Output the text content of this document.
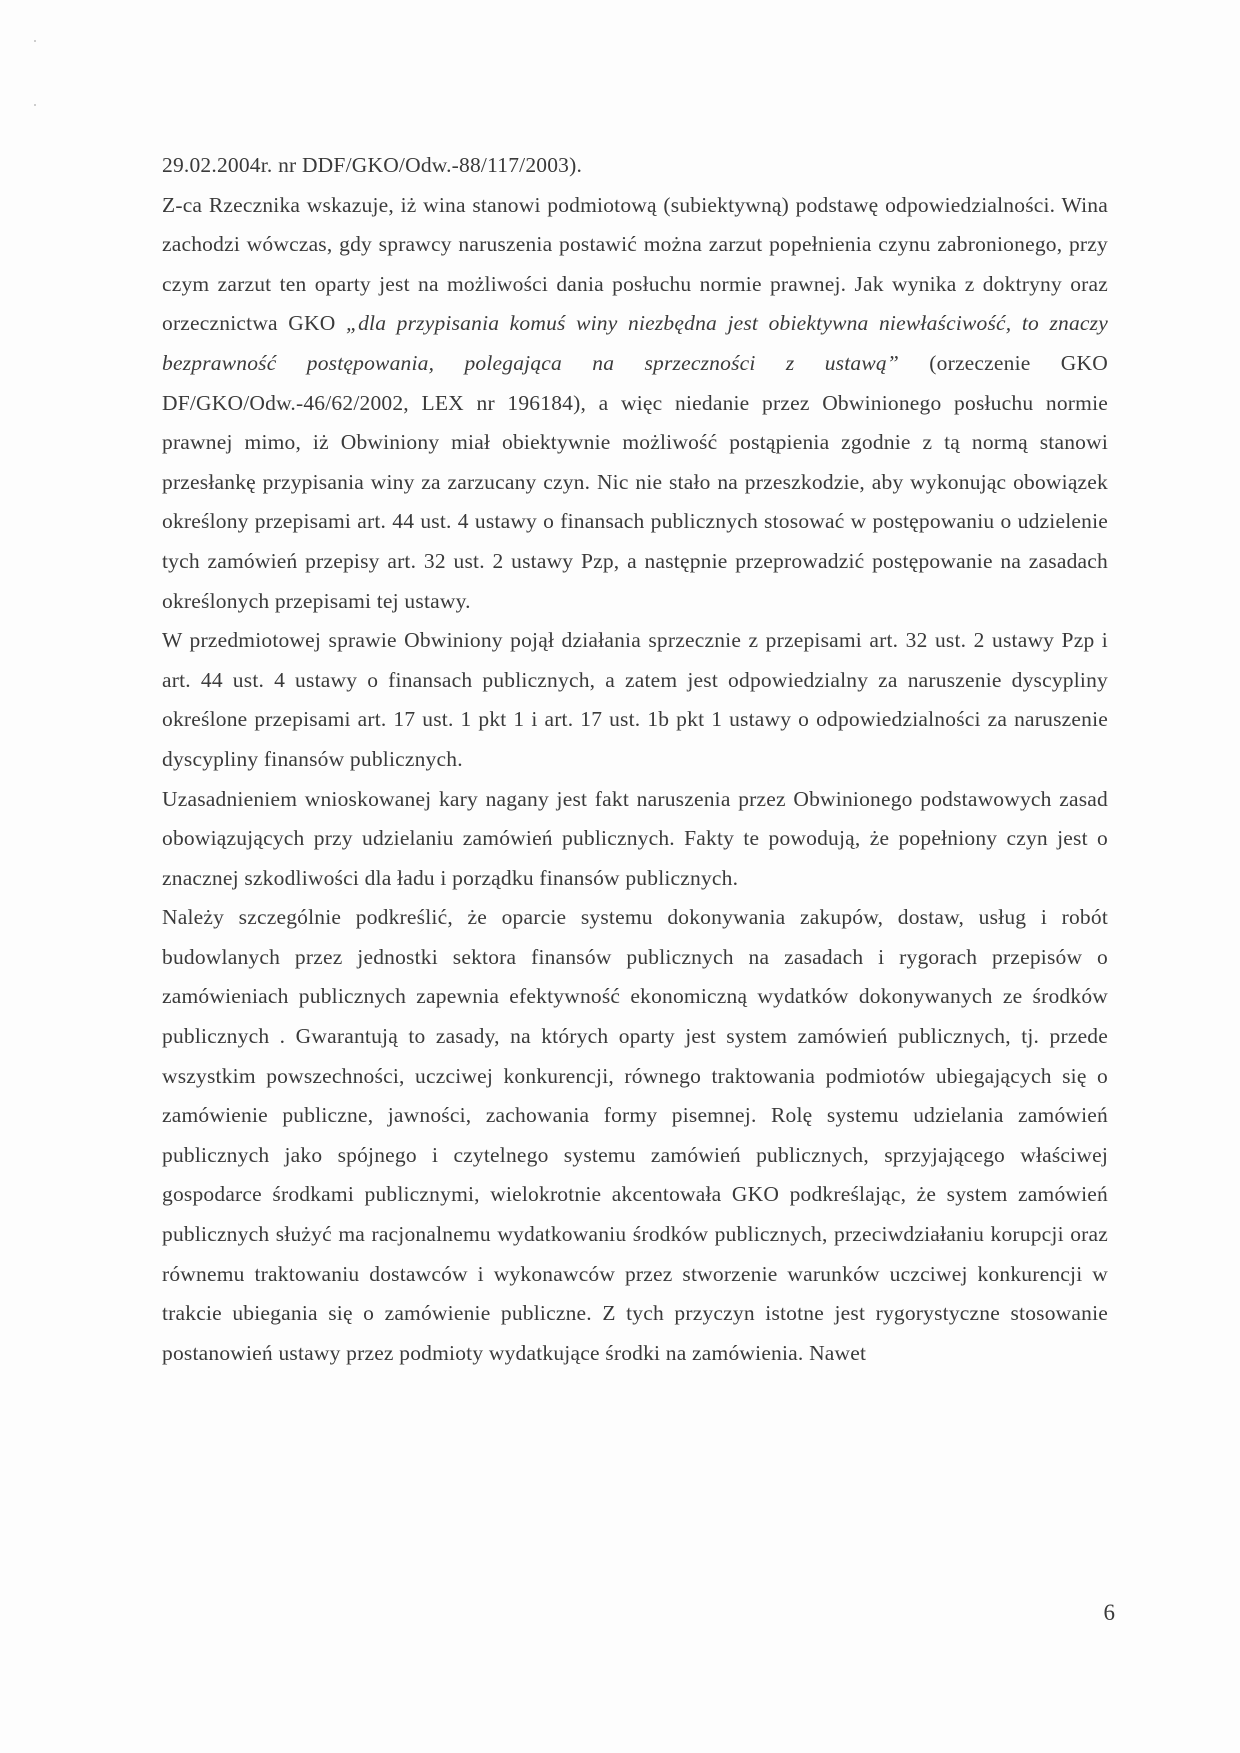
29.02.2004r. nr DDF/GKO/Odw.-88/117/2003).

Z-ca Rzecznika wskazuje, iż wina stanowi podmiotową (subiektywną) podstawę odpowiedzialności. Wina zachodzi wówczas, gdy sprawcy naruszenia postawić można zarzut popełnienia czynu zabronionego, przy czym zarzut ten oparty jest na możliwości dania posłuchu normie prawnej. Jak wynika z doktryny oraz orzecznictwa GKO „dla przypisania komuś winy niezbędna jest obiektywna niewłaściwość, to znaczy bezprawność postępowania, polegająca na sprzeczności z ustawą” (orzeczenie GKO DF/GKO/Odw.-46/62/2002, LEX nr 196184), a więc niedanie przez Obwinionego posłuchu normie prawnej mimo, iż Obwiniony miał obiektywnie możliwość postąpienia zgodnie z tą normą stanowi przesłankę przypisania winy za zarzucany czyn. Nic nie stało na przeszkodzie, aby wykonując obowiązek określony przepisami art. 44 ust. 4 ustawy o finansach publicznych stosować w postępowaniu o udzielenie tych zamówień przepisy art. 32 ust. 2 ustawy Pzp, a następnie przeprowadzić postępowanie na zasadach określonych przepisami tej ustawy.

W przedmiotowej sprawie Obwiniony pojął działania sprzecznie z przepisami art. 32 ust. 2 ustawy Pzp i art. 44 ust. 4 ustawy o finansach publicznych, a zatem jest odpowiedzialny za naruszenie dyscypliny określone przepisami art. 17 ust. 1 pkt 1 i art. 17 ust. 1b pkt 1 ustawy o odpowiedzialności za naruszenie dyscypliny finansów publicznych.

Uzasadnieniem wnioskowanej kary nagany jest fakt naruszenia przez Obwinionego podstawowych zasad obowiązujących przy udzielaniu zamówień publicznych. Fakty te powodują, że popełniony czyn jest o znacznej szkodliwości dla ładu i porządku finansów publicznych.

Należy szczególnie podkreślić, że oparcie systemu dokonywania zakupów, dostaw, usług i robót budowlanych przez jednostki sektora finansów publicznych na zasadach i rygorach przepisów o zamówieniach publicznych zapewnia efektywność ekonomiczną wydatków dokonywanych ze środków publicznych . Gwarantują to zasady, na których oparty jest system zamówień publicznych, tj. przede wszystkim powszechności, uczciwej konkurencji, równego traktowania podmiotów ubiegających się o zamówienie publiczne, jawności, zachowania formy pisemnej. Rolę systemu udzielania zamówień publicznych jako spójnego i czytelnego systemu zamówień publicznych, sprzyjającego właściwej gospodarce środkami publicznymi, wielokrotnie akcentowała GKO podkreślając, że system zamówień publicznych służyć ma racjonalnemu wydatkowaniu środków publicznych, przeciwdziałaniu korupcji oraz równemu traktowaniu dostawców i wykonawców przez stworzenie warunków uczciwej konkurencji w trakcie ubiegania się o zamówienie publiczne. Z tych przyczyn istotne jest rygorystyczne stosowanie postanowień ustawy przez podmioty wydatkujące środki na zamówienia. Nawet

6
